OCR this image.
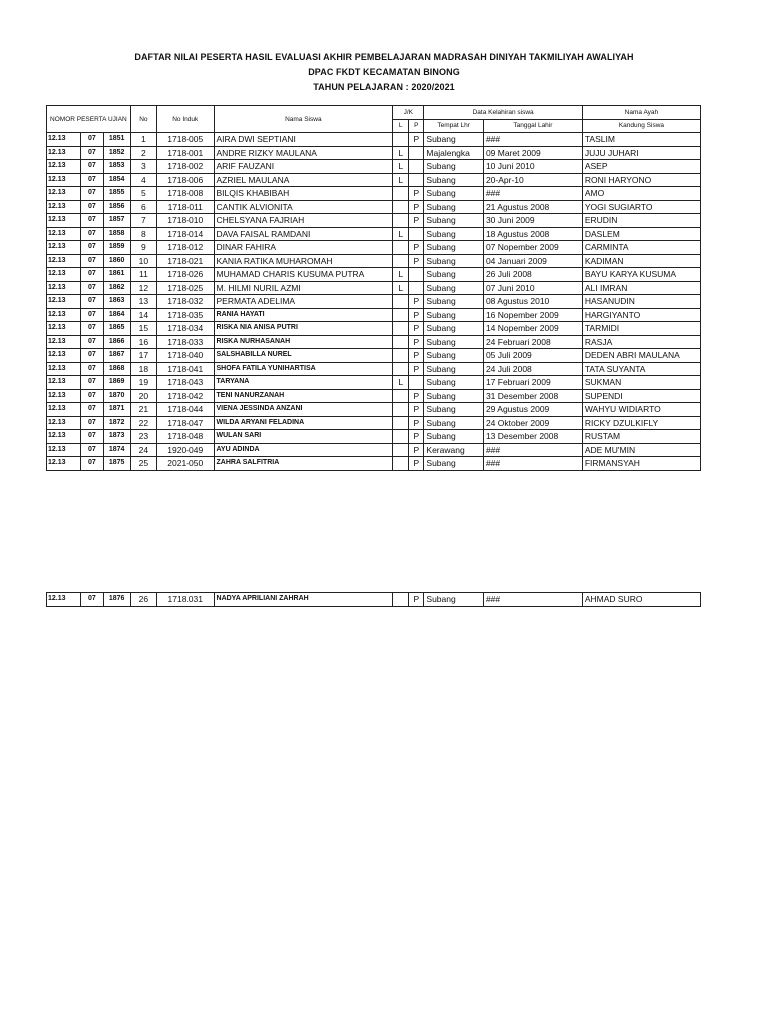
DAFTAR NILAI PESERTA HASIL EVALUASI AKHIR PEMBELAJARAN MADRASAH DINIYAH TAKMILIYAH AWALIYAH
DPAC FKDT KECAMATAN BINONG
TAHUN PELAJARAN : 2020/2021
NOMOR PESERTA UJIAN			No	No Induk	Nama Siswa	J/K		Data Kelahiran siswa		Nama Ayah
						L	P	Tempat Lhr	Tanggal Lahir	Kandung Siswa
12.13	07	1851	1	1718-005	AIRA DWI SEPTIANI		P	Subang	###	TASLIM
12.13	07	1852	2	1718-001	ANDRE RIZKY MAULANA	L		Majalengka	09 Maret 2009	JUJU JUHARI
12.13	07	1853	3	1718-002	ARIF FAUZANI	L		Subang	10 Juni 2010	ASEP
12.13	07	1854	4	1718-006	AZRIEL MAULANA	L		Subang	20-Apr-10	RONI HARYONO
12.13	07	1855	5	1718-008	BILQIS KHABIBAH		P	Subang	###	AMO
12.13	07	1856	6	1718-011	CANTIK ALVIONITA		P	Subang	21 Agustus 2008	YOGI SUGIARTO
12.13	07	1857	7	1718-010	CHELSYANA FAJRIAH		P	Subang	30 Juni 2009	ERUDIN
12.13	07	1858	8	1718-014	DAVA FAISAL RAMDANI	L		Subang	18 Agustus 2008	DASLEM
12.13	07	1859	9	1718-012	DINAR FAHIRA		P	Subang	07 Nopember 2009	CARMINTA
12.13	07	1860	10	1718-021	KANIA RATIKA MUHAROMAH		P	Subang	04 Januari 2009	KADIMAN
12.13	07	1861	11	1718-026	MUHAMAD CHARIS KUSUMA PUTRA	L		Subang	26 Juli 2008	BAYU KARYA KUSUMA
12.13	07	1862	12	1718-025	M. HILMI NURIL AZMI	L		Subang	07 Juni 2010	ALI IMRAN
12.13	07	1863	13	1718-032	PERMATA ADELIMA		P	Subang	08 Agustus 2010	HASANUDIN
12.13	07	1864	14	1718-035	RANIA HAYATI		P	Subang	16 Nopember 2009	HARGIYANTO
12.13	07	1865	15	1718-034	RISKA NIA ANISA PUTRI		P	Subang	14 Nopember 2009	TARMIDI
12.13	07	1866	16	1718-033	RISKA NURHASANAH		P	Subang	24 Februari 2008	RASJA
12.13	07	1867	17	1718-040	SALSHABILLA NUREL		P	Subang	05 Juli 2009	DEDEN ABRI MAULANA
12.13	07	1868	18	1718-041	SHOFA FATILA YUNIHARTISA		P	Subang	24 Juli 2008	TATA SUYANTA
12.13	07	1869	19	1718-043	TARYANA	L		Subang	17 Februari 2009	SUKMAN
12.13	07	1870	20	1718-042	TENI NANURZANAH		P	Subang	31 Desember 2008	SUPENDI
12.13	07	1871	21	1718-044	VIENA JESSINDA ANZANI		P	Subang	29 Agustus 2009	WAHYU WIDIARTO
12.13	07	1872	22	1718-047	WILDA ARYANI FELADINA		P	Subang	24 Oktober 2009	RICKY DZULKIFLY
12.13	07	1873	23	1718-048	WULAN SARI		P	Subang	13 Desember 2008	RUSTAM
12.13	07	1874	24	1920-049	AYU ADINDA		P	Kerawang	###	ADE MU'MIN
12.13	07	1875	25	2021-050	ZAHRA SALFITRIA		P	Subang	###	FIRMANSYAH
12.13	07	1876	26	1718.031	NADYA APRILIANI ZAHRAH		P	Subang	###	AHMAD SURO
